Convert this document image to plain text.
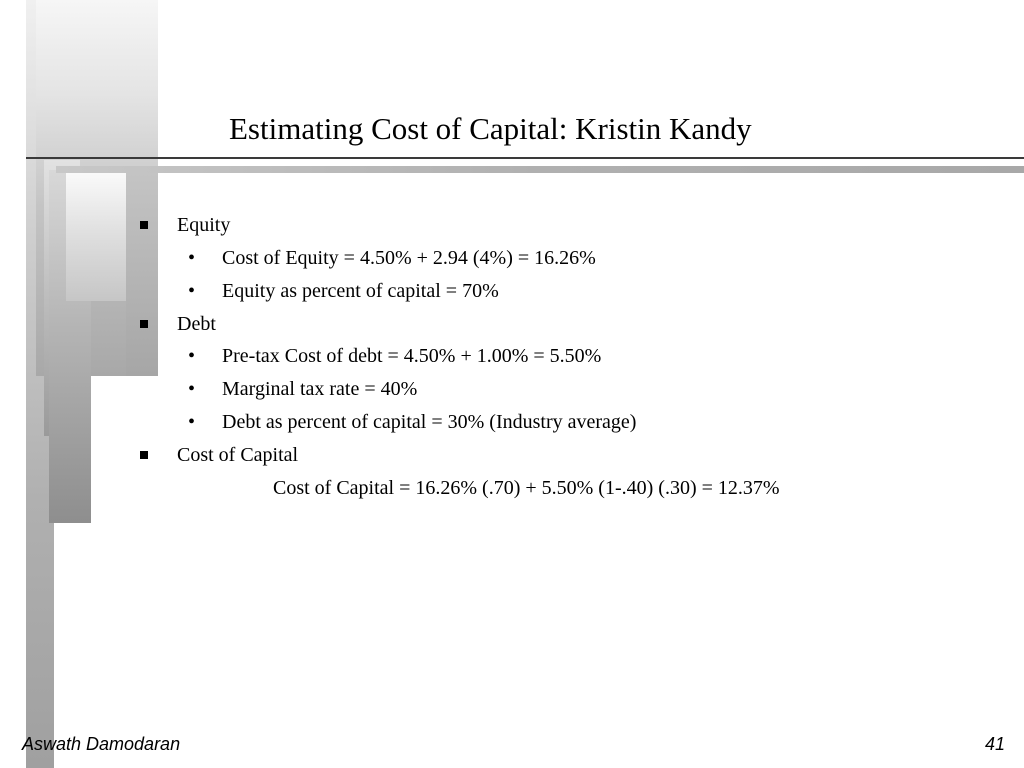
Estimating Cost of Capital: Kristin Kandy
Equity
• Cost of Equity = 4.50% + 2.94 (4%) = 16.26%
• Equity as percent of capital = 70%
Debt
• Pre-tax Cost of debt = 4.50% + 1.00% = 5.50%
• Marginal tax rate = 40%
• Debt as percent of capital = 30% (Industry average)
Cost of Capital
Cost of Capital = 16.26% (.70) + 5.50% (1-.40) (.30) = 12.37%
Aswath Damodaran	41
